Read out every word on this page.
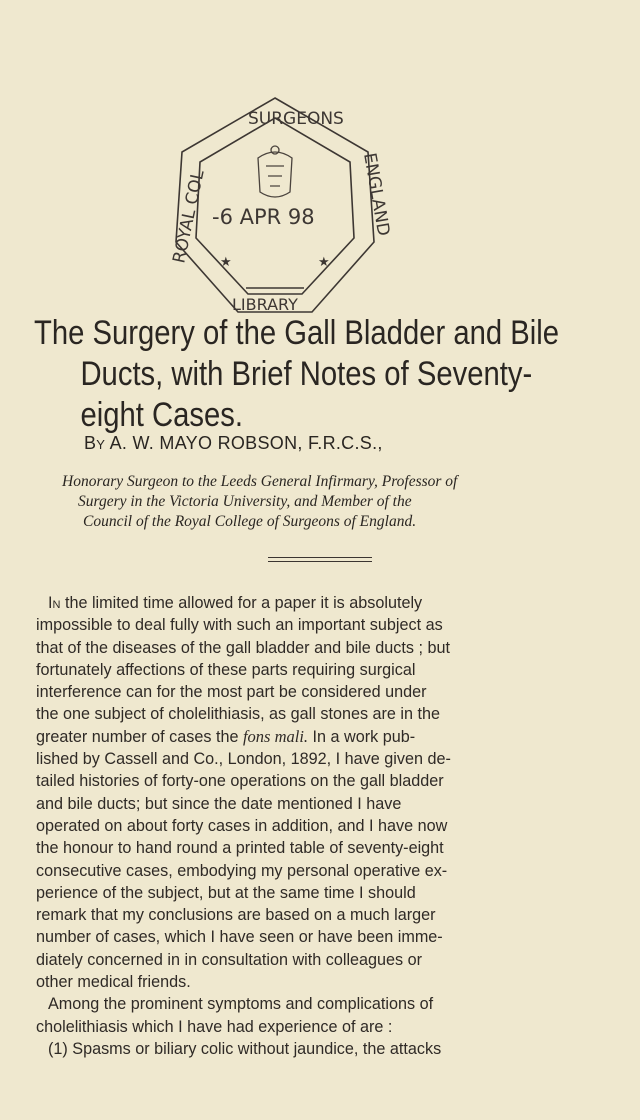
SURGEONS
ROYAL COL	ENGLAND
-6 APR 98
LIBRARY
★	★
The Surgery of the Gall Bladder and Bile
Ducts, with Brief Notes of Seventy-
eight Cases.
By A. W. MAYO ROBSON, F.R.C.S.,
Honorary Surgeon to the Leeds General Infirmary, Professor of
Surgery in the Victoria University, and Member of the
Council of the Royal College of Surgeons of England.
In the limited time allowed for a paper it is absolutely
impossible to deal fully with such an important subject as
that of the diseases of the gall bladder and bile ducts ; but
fortunately affections of these parts requiring surgical
interference can for the most part be considered under
the one subject of cholelithiasis, as gall stones are in the
greater number of cases the fons mali. In a work pub-
lished by Cassell and Co., London, 1892, I have given de-
tailed histories of forty-one operations on the gall bladder
and bile ducts; but since the date mentioned I have
operated on about forty cases in addition, and I have now
the honour to hand round a printed table of seventy-eight
consecutive cases, embodying my personal operative ex-
perience of the subject, but at the same time I should
remark that my conclusions are based on a much larger
number of cases, which I have seen or have been imme-
diately concerned in in consultation with colleagues or
other medical friends.
Among the prominent symptoms and complications of
cholelithiasis which I have had experience of are :
(1) Spasms or biliary colic without jaundice, the attacks
